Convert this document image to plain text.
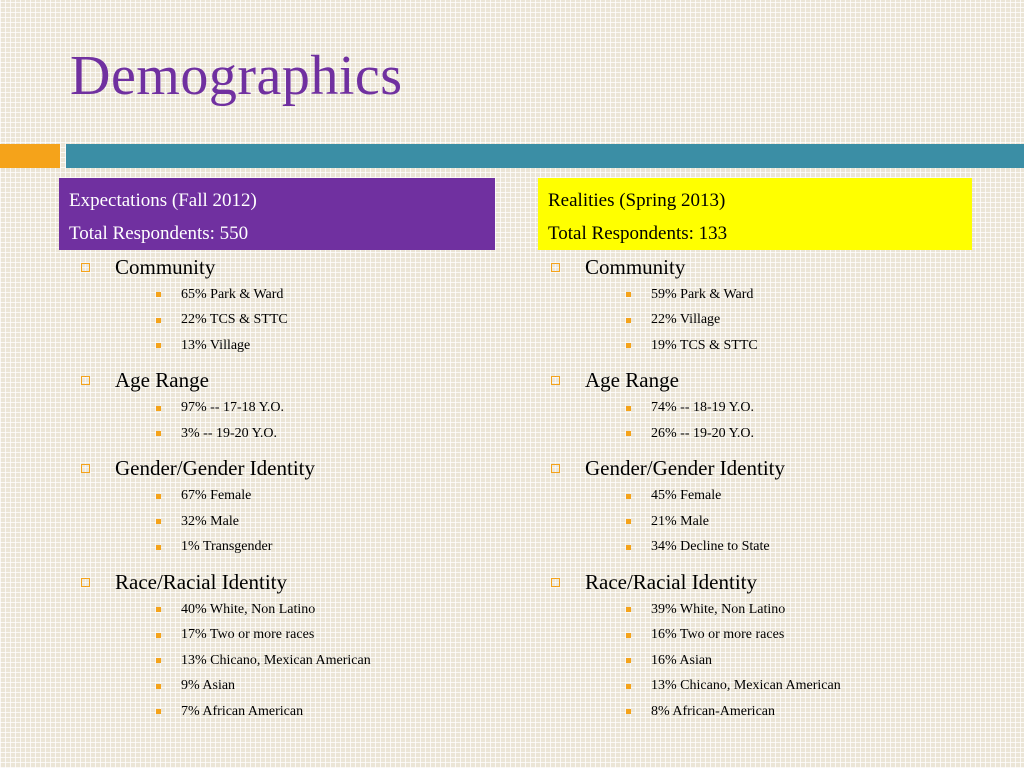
Demographics
Expectations (Fall 2012)
Total Respondents: 550
Realities (Spring 2013)
Total Respondents: 133
Community
65% Park & Ward
22% TCS & STTC
13% Village
Age Range
97% -- 17-18 Y.O.
3% -- 19-20 Y.O.
Gender/Gender Identity
67% Female
32% Male
1% Transgender
Race/Racial Identity
40% White, Non Latino
17% Two or more races
13% Chicano, Mexican American
9% Asian
7% African American
Community
59% Park & Ward
22% Village
19% TCS & STTC
Age Range
74% -- 18-19 Y.O.
26% -- 19-20 Y.O.
Gender/Gender Identity
45% Female
21% Male
34% Decline to State
Race/Racial Identity
39% White, Non Latino
16% Two or more races
16% Asian
13% Chicano, Mexican American
8% African-American
